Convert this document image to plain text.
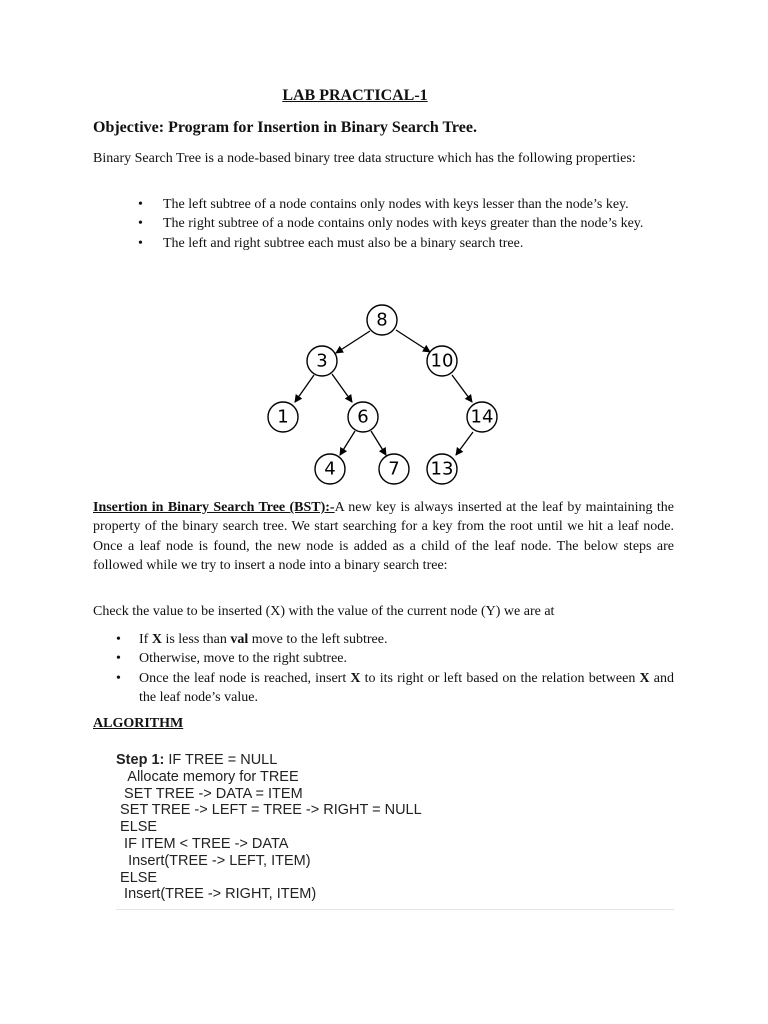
LAB PRACTICAL-1
Objective: Program for Insertion in Binary Search Tree.
Binary Search Tree is a node-based binary tree data structure which has the following properties:
• The left subtree of a node contains only nodes with keys lesser than the node’s key.
• The right subtree of a node contains only nodes with keys greater than the node’s key.
• The left and right subtree each must also be a binary search tree.
8
3	10
1	6	14
4	7 13
Insertion in Binary Search Tree (BST):-A new key is always inserted at the leaf by maintaining the property of the binary search tree. We start searching for a key from the root until we hit a leaf node. Once a leaf node is found, the new node is added as a child of the leaf node. The below steps are followed while we try to insert a node into a binary search tree:
Check the value to be inserted (X) with the value of the current node (Y) we are at
• If X is less than val move to the left subtree.
• Otherwise, move to the right subtree.
• Once the leaf node is reached, insert X to its right or left based on the relation between X and the leaf node’s value.
ALGORITHM
Step 1: IF TREE = NULL
Allocate memory for TREE
SET TREE -> DATA = ITEM
SET TREE -> LEFT = TREE -> RIGHT = NULL
ELSE
IF ITEM < TREE -> DATA
Insert(TREE -> LEFT, ITEM)
ELSE
Insert(TREE -> RIGHT, ITEM)
